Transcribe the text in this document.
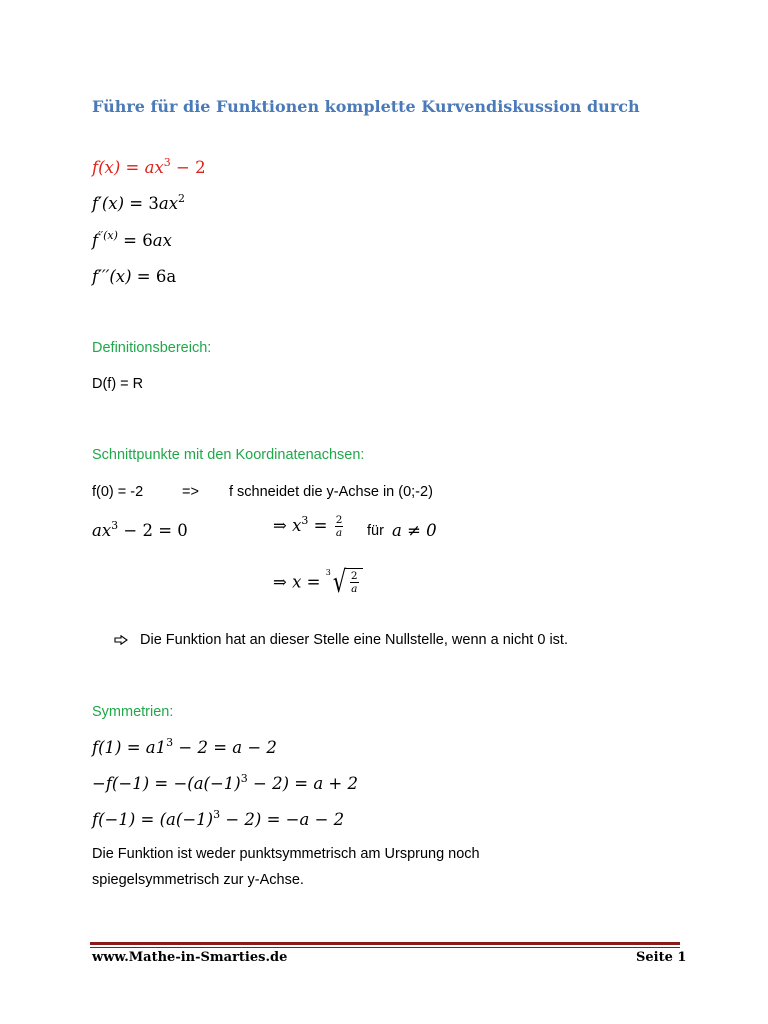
Führe für die Funktionen komplette Kurvendiskussion durch
$f(x) = ax^3 - 2$
$f'(x) = 3ax^2$
$f^{''(x)} = 6ax$
f′′′(x) = 6a
Definitionsbereich:
D(f) = R
Schnittpunkte mit den Koordinatenachsen:
f(0) = -2	=> f schneidet die y-Achse in (0;-2)
$ax^3 - 2 = 0$	⇒ $x^3 = \frac{2}{a}$ für a ≠ 0
⇒ x =
3 √ $\frac{2}{a}$
Die Funktion hat an dieser Stelle eine Nullstelle, wenn a nicht 0 ist.
Symmetrien:
$f(1) = a1^3 - 2 = a - 2$
$-f(-1) = -(a(-1)^3 - 2) = a + 2$
$f(-1) = (a(-1)^3 - 2) = -a - 2$
Die Funktion ist weder punktsymmetrisch am Ursprung noch
spiegelsymmetrisch zur y-Achse.
www.Mathe-in-Smarties.de	Seite 1
